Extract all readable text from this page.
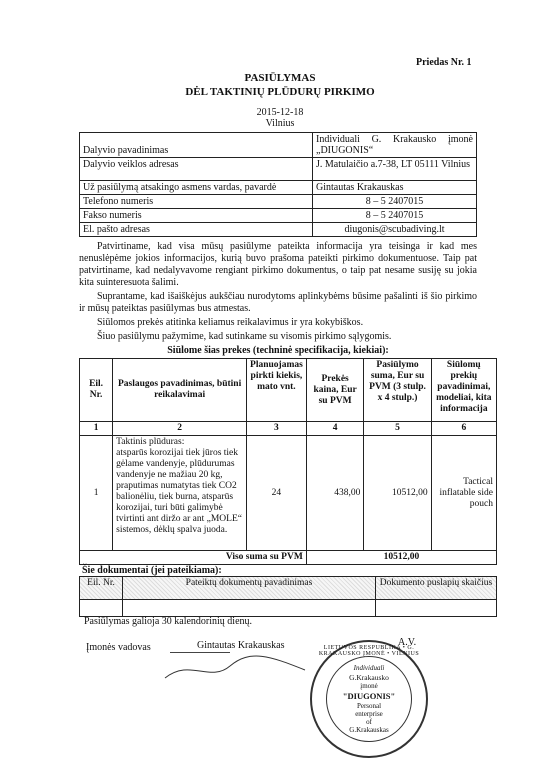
Priedas Nr. 1
PASIŪLYMAS
DĖL TAKTINIŲ PLŪDURŲ PIRKIMO
2015-12-18
Vilnius
Dalyvio pavadinimas	Individuali G. Krakausko įmonė „DIUGONIS“
Dalyvio veiklos adresas	J. Matulaičio a.7-38, LT 05111 Vilnius
Už pasiūlymą atsakingo asmens vardas, pavardė	Gintautas Krakauskas
Telefono numeris	8 – 5 2407015
Fakso numeris	8 – 5 2407015
El. pašto adresas	diugonis@scubadiving.lt
Patvirtiname, kad visa mūsų pasiūlyme pateikta informacija yra teisinga ir kad mes nenuslėpėme jokios informacijos, kurią buvo prašoma pateikti pirkimo dokumentuose. Taip pat patvirtiname, kad nedalyvavome rengiant pirkimo dokumentus, o taip pat nesame susiję su jokia kita suinteresuota šalimi.
Suprantame, kad išaiškėjus aukščiau nurodytoms aplinkybėms būsime pašalinti iš šio pirkimo ir mūsų pateiktas pasiūlymas bus atmestas.
Siūlomos prekės atitinka keliamus reikalavimus ir yra kokybiškos.
Šiuo pasiūlymu pažymime, kad sutinkame su visomis pirkimo sąlygomis.
Siūlome šias prekes (techninė specifikacija, kiekiai):
Eil. Nr.	Paslaugos pavadinimas, būtini reikalavimai	Planuojamas pirkti kiekis, mato vnt.	Prekės kaina, Eur su PVM	Pasiūlymo suma, Eur su PVM (3 stulp. x 4 stulp.)	Siūlomų prekių pavadinimai, modeliai, kita informacija
1	2	3	4	5	6
1	Taktinis plūduras:
atsparūs korozijai tiek jūros tiek gėlame vandenyje, plūdurumas vandenyje ne mažiau 20 kg, praputimas numatytas tiek CO2 balionėliu, tiek burna, atsparūs korozijai, turi būti galimybė tvirtinti ant diržo ar ant „MOLE“ sistemos, dėklų spalva juoda.	24	438,00	10512,00	Tactical inflatable side pouch
Viso suma su PVM			10512,00		
Šie dokumentai (jei pateikiama):
Eil. Nr.	Pateiktų dokumentų pavadinimas	Dokumento puslapių skaičius

Pasiūlymas galioja 30 kalendorinių dienų.
Įmonės vadovas	Gintautas Krakauskas	A.V.
LIETUVOS RESPUBLIKA • G. KRAKAUSKO ĮMONĖ • VILNIUS
Individuali
G.Krakausko
įmonė
"DIUGONIS"
Personal
enterprise
of
G.Krakauskas
